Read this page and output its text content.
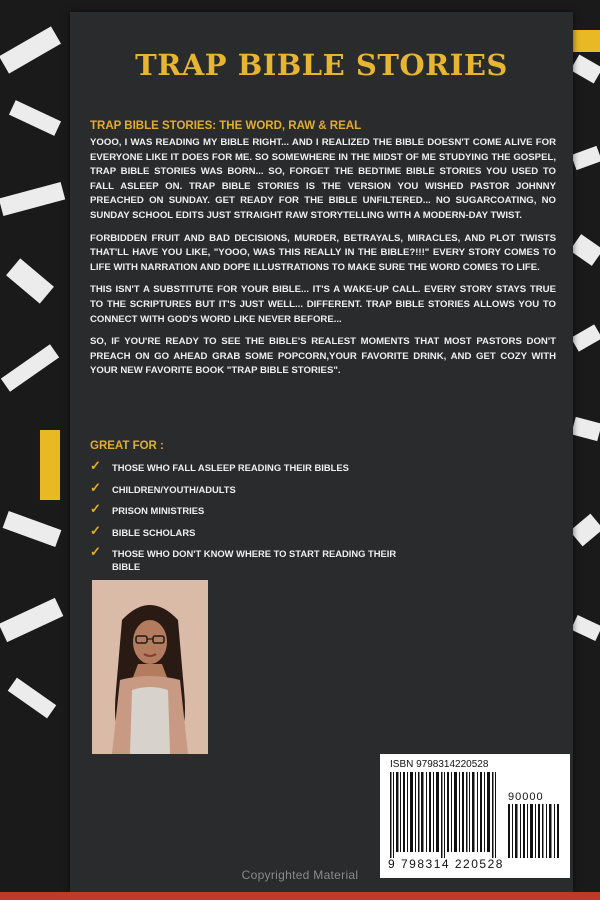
TRAP BIBLE STORIES
TRAP BIBLE STORIES: THE WORD, RAW & REAL

YOOO, I WAS READING MY BIBLE RIGHT... AND I REALIZED THE BIBLE DOESN'T COME ALIVE FOR EVERYONE LIKE IT DOES FOR ME. SO SOMEWHERE IN THE MIDST OF ME STUDYING THE GOSPEL, TRAP BIBLE STORIES WAS BORN... SO, FORGET THE BEDTIME BIBLE STORIES YOU USED TO FALL ASLEEP ON. TRAP BIBLE STORIES IS THE VERSION YOU WISHED PASTOR JOHNNY PREACHED ON SUNDAY. GET READY FOR THE BIBLE UNFILTERED... NO SUGARCOATING, NO SUNDAY SCHOOL EDITS JUST STRAIGHT RAW STORYTELLING WITH A MODERN-DAY TWIST.

FORBIDDEN FRUIT AND BAD DECISIONS, MURDER, BETRAYALS, MIRACLES, AND PLOT TWISTS THAT'LL HAVE YOU LIKE, "YOOO, WAS THIS REALLY IN THE BIBLE?!!!" EVERY STORY COMES TO LIFE WITH NARRATION AND DOPE ILLUSTRATIONS TO MAKE SURE THE WORD COMES TO LIFE.

THIS ISN'T A SUBSTITUTE FOR YOUR BIBLE... IT'S A WAKE-UP CALL. EVERY STORY STAYS TRUE TO THE SCRIPTURES BUT IT'S JUST WELL... DIFFERENT. TRAP BIBLE STORIES ALLOWS YOU TO CONNECT WITH GOD'S WORD LIKE NEVER BEFORE...

SO, IF YOU'RE READY TO SEE THE BIBLE'S REALEST MOMENTS THAT MOST PASTORS DON'T PREACH ON GO AHEAD GRAB SOME POPCORN,YOUR FAVORITE DRINK, AND GET COZY WITH YOUR NEW FAVORITE BOOK "TRAP BIBLE STORIES".

GREAT FOR :
✓ THOSE WHO FALL ASLEEP READING THEIR BIBLES
✓ CHILDREN/YOUTH/ADULTS
✓ PRISON MINISTRIES
✓ BIBLE SCHOLARS
✓ THOSE WHO DON'T KNOW WHERE TO START READING THEIR BIBLE
ISBN 9798314220528
90000
9 798314 220528
Copyrighted Material
